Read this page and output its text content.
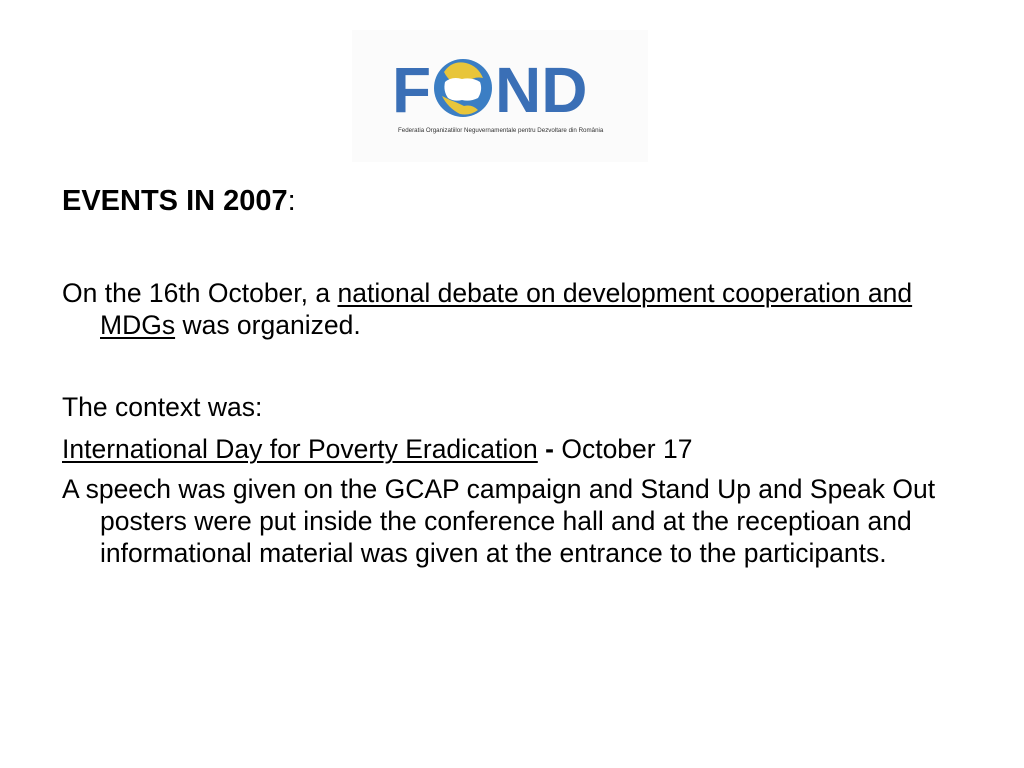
F ND
Federatia Organizatiilor Neguvernamentale pentru Dezvoltare din România
EVENTS IN 2007:

On the 16th October, a national debate on development cooperation and MDGs was organized.

The context was:

International Day for Poverty Eradication - October 17

A speech was given on the GCAP campaign and Stand Up and Speak Out posters were put inside the conference hall and at the receptioan and informational material was given at the entrance to the participants.
